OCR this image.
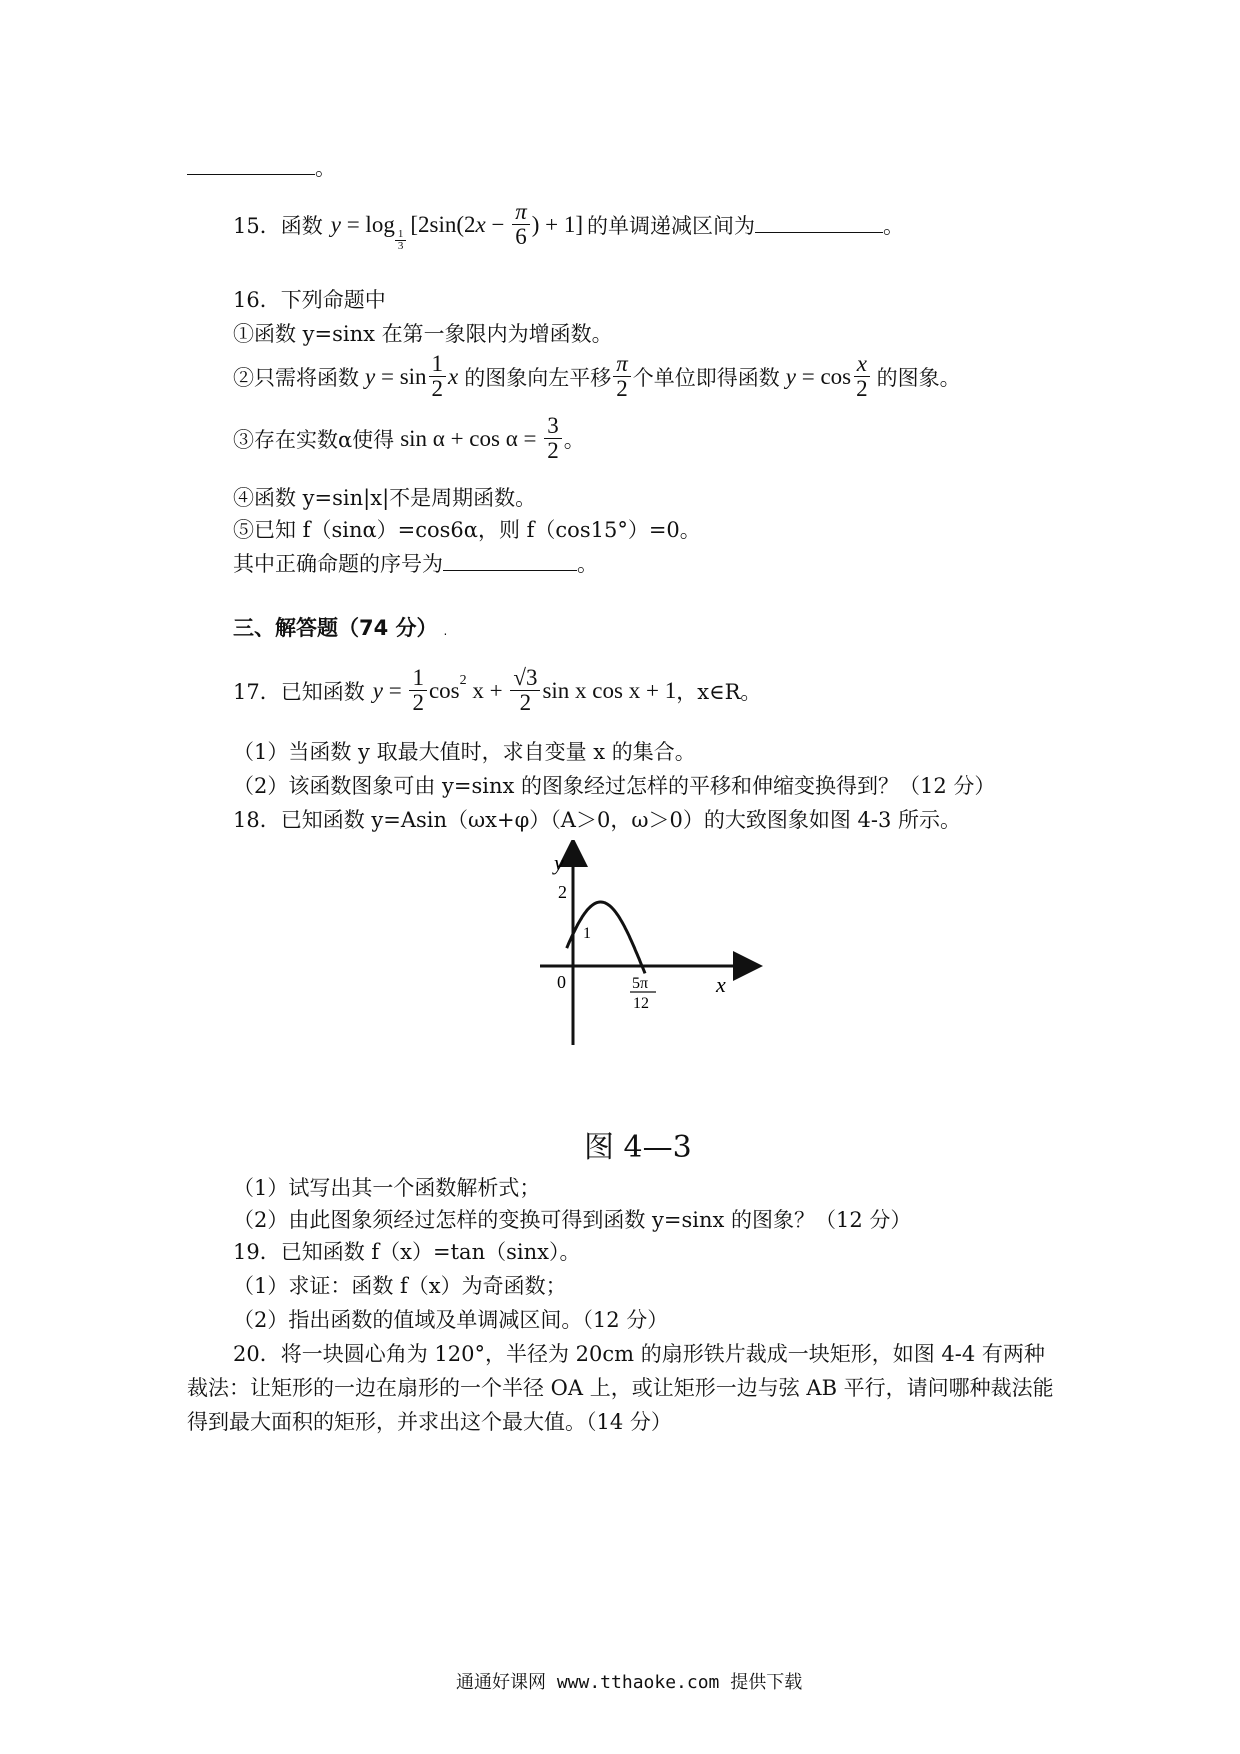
。
15．函数 y = log
$\frac{1}{3}$
[2sin(2 $x - \frac{\pi}{6}$ ) + 1] 的单调递减区间为	。
16．下列命题中
①函数 y=sinx 在第一象限内为增函数。
②只需将函数 $y = \sin \frac{1}{2}$ x 的图象向左平移 $\frac{\pi}{2}$ 个单位即得函数 $y = \cos \frac{x}{2}$ 的图象。
③存在实数α使得 $\sin \alpha + \cos \alpha = \frac{3}{2}$ 。
④函数 y=sin|x|不是周期函数。
⑤已知 f（sinα）=cos6α，则 f（cos15°）=0。
其中正确命题的序号为	。
三、解答题（74 分） .
17．已知函数 $y = \frac{1}{2}$ cos 2 $x + \frac{√3}{2}$ sin x cos x + 1 ，x∈R。
（1）当函数 y 取最大值时，求自变量 x 的集合。
（2）该函数图象可由 y=sinx 的图象经过怎样的平移和伸缩变换得到？（12 分）
18．已知函数 y=Asin（ωx+φ）（A＞0，ω＞0）的大致图象如图 4-3 所示。
y
x
0
2
1
5π
12
图 4—3
（1）试写出其一个函数解析式；
（2）由此图象须经过怎样的变换可得到函数 y=sinx 的图象？（12 分）
19．已知函数 f（x）=tan（sinx）。
（1）求证：函数 f（x）为奇函数；
（2）指出函数的值域及单调减区间。（12 分）
20．将一块圆心角为 120°，半径为 20cm 的扇形铁片裁成一块矩形，如图 4-4 有两种
裁法：让矩形的一边在扇形的一个半径 OA 上，或让矩形一边与弦 AB 平行，请问哪种裁法能
得到最大面积的矩形，并求出这个最大值。（14 分）
通通好课网 www.tthaoke.com 提供下载
